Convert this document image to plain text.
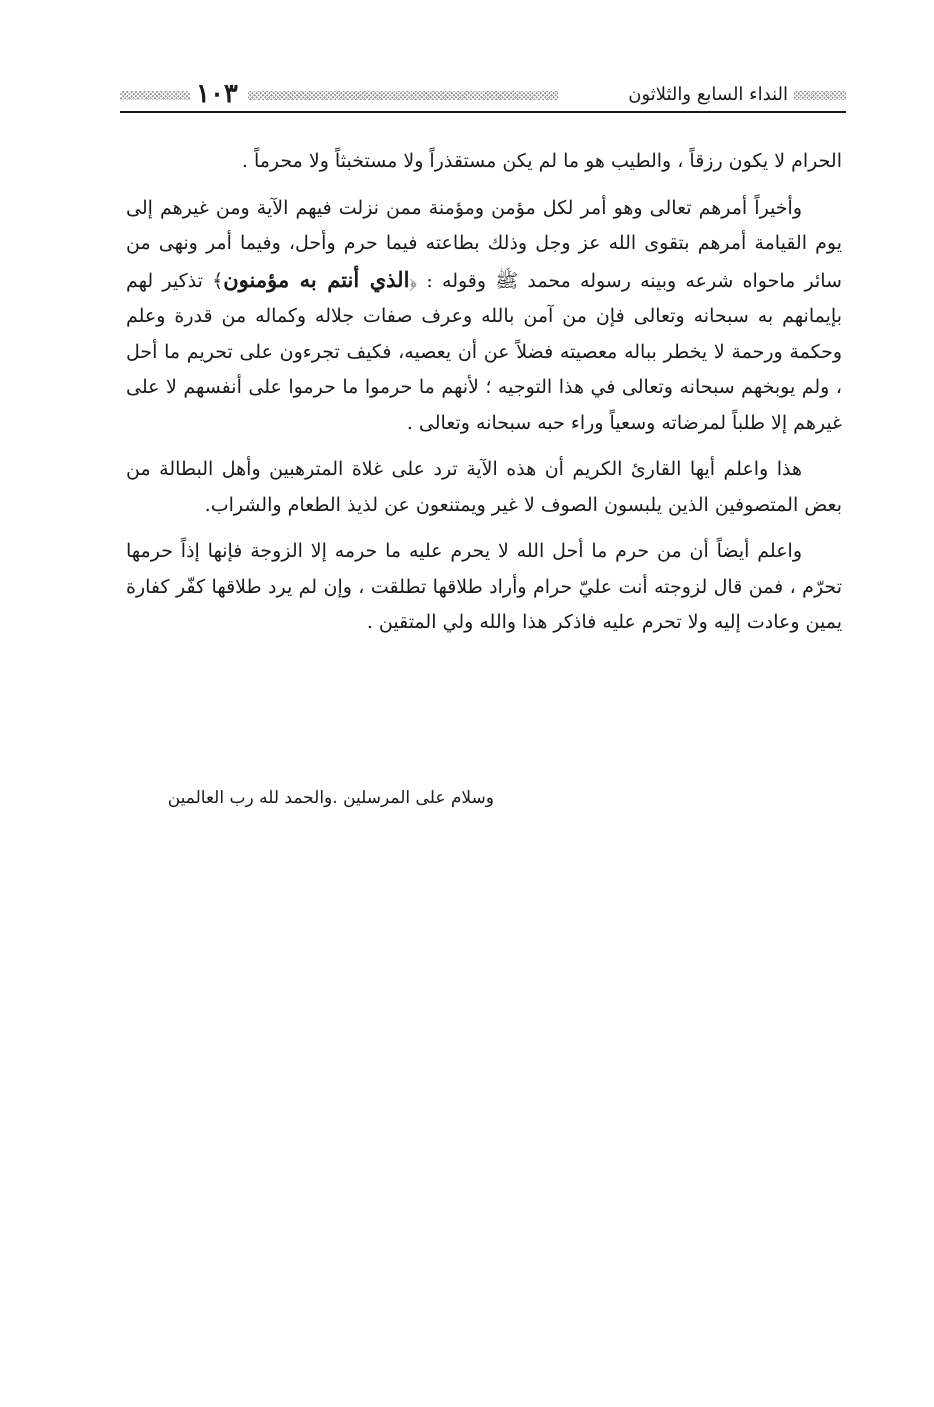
النداء السابع والثلاثون
١٠٣

الحرام لا يكون رزقاً ، والطيب هو ما لم يكن مستقذراً ولا مستخبثاً ولا محرماً .

وأخيراً أمرهم تعالى وهو أمر لكل مؤمن ومؤمنة ممن نزلت فيهم الآية ومن غيرهم إلى يوم القيامة أمرهم بتقوى الله عز وجل وذلك بطاعته فيما حرم وأحل، وفيما أمر ونهى من سائر ماحواه شرعه وبينه رسوله محمد ﷺ وقوله : ﴿الذي أنتم به مؤمنون﴾ تذكير لهم بإيمانهم به سبحانه وتعالى فإن من آمن بالله وعرف صفات جلاله وكماله من قدرة وعلم وحكمة ورحمة لا يخطر بباله معصيته فضلاً عن أن يعصيه، فكيف تجرءون على تحريم ما أحل ، ولم يوبخهم سبحانه وتعالى في هذا التوجيه ؛ لأنهم ما حرموا ما حرموا على أنفسهم لا على غيرهم إلا طلباً لمرضاته وسعياً وراء حبه سبحانه وتعالى .

هذا واعلم أيها القارئ الكريم أن هذه الآية ترد على غلاة المترهبين وأهل البطالة من بعض المتصوفين الذين يلبسون الصوف لا غير ويمتنعون عن لذيذ الطعام والشراب.

واعلم أيضاً أن من حرم ما أحل الله لا يحرم عليه ما حرمه إلا الزوجة فإنها إذاً حرمها تحرّم ، فمن قال لزوجته أنت عليّ حرام وأراد طلاقها تطلقت ، وإن لم يرد طلاقها كفّر كفارة يمين وعادت إليه ولا تحرم عليه فاذكر هذا والله ولي المتقين .

وسلام على المرسلين .والحمد لله رب العالمين
